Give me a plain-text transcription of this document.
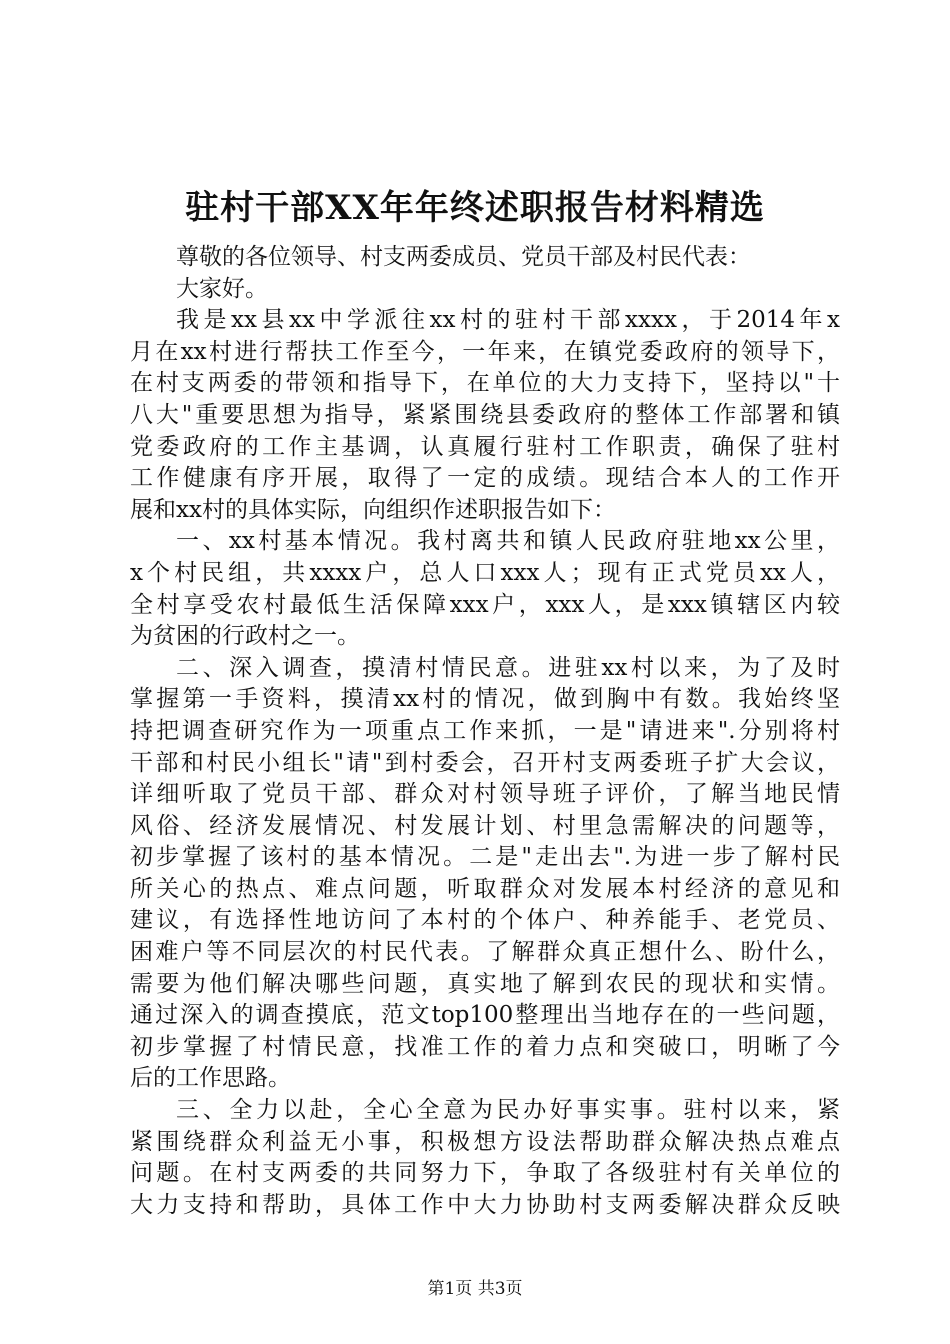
驻村干部XX年年终述职报告材料精选
尊敬的各位领导、村支两委成员、党员干部及村民代表：
大家好。
我是xx县xx中学派往xx村的驻村干部xxxx，于2014年x
月在xx村进行帮扶工作至今，一年来，在镇党委政府的领导下，
在村支两委的带领和指导下，在单位的大力支持下，坚持以"十
八大"重要思想为指导，紧紧围绕县委政府的整体工作部署和镇
党委政府的工作主基调，认真履行驻村工作职责，确保了驻村
工作健康有序开展，取得了一定的成绩。现结合本人的工作开
展和xx村的具体实际，向组织作述职报告如下：
一、xx村基本情况。我村离共和镇人民政府驻地xx公里，
x个村民组，共xxxx户，总人口xxx人；现有正式党员xx人，
全村享受农村最低生活保障xxx户，xxx人，是xxx镇辖区内较
为贫困的行政村之一。
二、深入调查，摸清村情民意。进驻xx村以来，为了及时
掌握第一手资料，摸清xx村的情况，做到胸中有数。我始终坚
持把调查研究作为一项重点工作来抓，一是"请进来".分别将村
干部和村民小组长"请"到村委会，召开村支两委班子扩大会议，
详细听取了党员干部、群众对村领导班子评价，了解当地民情
风俗、经济发展情况、村发展计划、村里急需解决的问题等，
初步掌握了该村的基本情况。二是"走出去".为进一步了解村民
所关心的热点、难点问题，听取群众对发展本村经济的意见和
建议，有选择性地访问了本村的个体户、种养能手、老党员、
困难户等不同层次的村民代表。了解群众真正想什么、盼什么，
需要为他们解决哪些问题，真实地了解到农民的现状和实情。
通过深入的调查摸底，范文top100整理出当地存在的一些问题，
初步掌握了村情民意，找准工作的着力点和突破口，明晰了今
后的工作思路。
三、全力以赴，全心全意为民办好事实事。驻村以来，紧
紧围绕群众利益无小事，积极想方设法帮助群众解决热点难点
问题。在村支两委的共同努力下，争取了各级驻村有关单位的
大力支持和帮助，具体工作中大力协助村支两委解决群众反映
第1页 共3页
